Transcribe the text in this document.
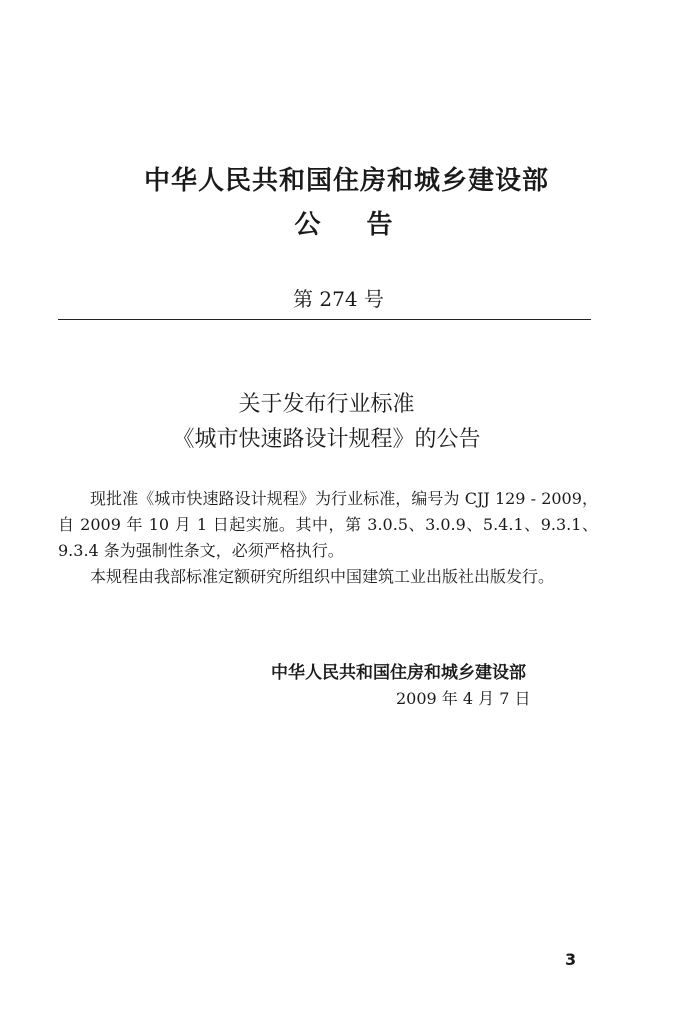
中华人民共和国住房和城乡建设部
公告
第 274 号
关于发布行业标准
《城市快速路设计规程》的公告

现批准《城市快速路设计规程》为行业标准，编号为 CJJ 129 - 2009，自 2009 年 10 月 1 日起实施。其中，第 3.0.5、3.0.9、5.4.1、9.3.1、9.3.4 条为强制性条文，必须严格执行。

本规程由我部标准定额研究所组织中国建筑工业出版社出版发行。

中华人民共和国住房和城乡建设部
2009 年 4 月 7 日
3
